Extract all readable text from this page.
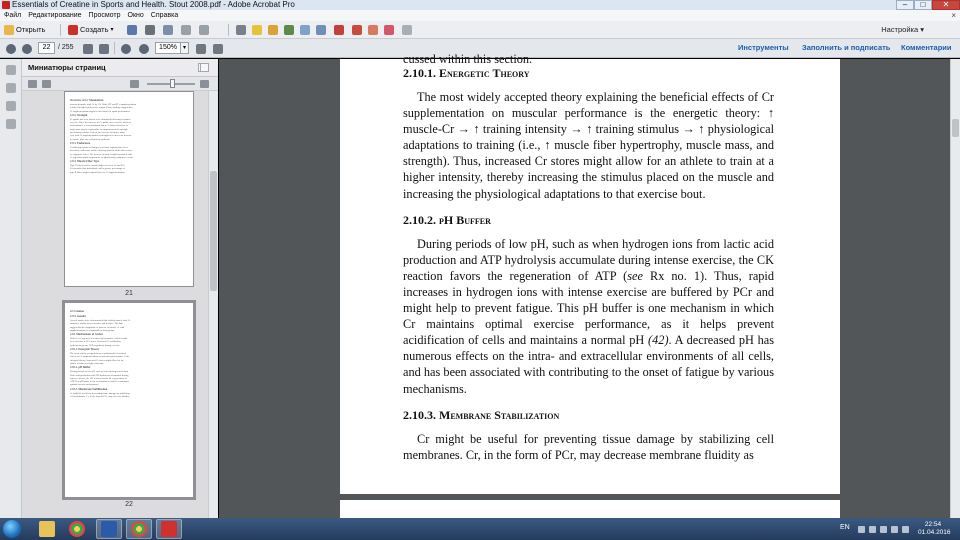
Essentials of Creatine in Sports and Health. Stout 2008.pdf - Adobe Acrobat Pro	–	□	✕
Файл	Редактирование	Просмотр	Окно	Справка	×
Открыть	Создать ▾	Настройка ▾
22	/ 255	150%	▾	Инструменты Заполнить и подписать Комментарии
Миниатюры страниц
Overview of Cr Metabolism
increased muscle total Cr by 5%. Both ATP and PCr supplementation
resulted in higher peak power output. These findings suggest that
Cr supplementation might be beneficial for sprint performance.
2.9.2. Strength
Cr uptake has been shown to be stimulated following resistance
exercise. Since the increase in Cr uptake after exercise has been
demonstrated, it was postulated that a Cr-induced increase in
body mass may be responsible for improvements in strength
and training volume. Indeed, the increase in fat-free mass
seen with Cr supplementation is thought to be due to an increase
in muscle fiber size and protein synthesis.
2.9.3. Endurance
Conflicting reports of changes in aerobic capacity have been
described, with some studies showing benefits while others show
no ergogenic effect. The increase in body weight associated with
Cr ingestion might compromise weight-bearing endurance events.
2.9.4. Muscle Fiber Type
Type II fibers tend to contain higher levels of Cr and PCr.
It is possible that individuals with a greater percentage of
type II fibers might respond better to Cr supplementation.
21
22 Creatine
2.9.5. Gender
Several studies have demonstrated that skeletal muscle total Cr
content is similar between males and females. The data
suggest that the magnitude of increase in muscle Cr with
supplementation is comparable in both groups.
2.10. Mechanisms of Action
When Cr is ingested, it is taken up by muscle, which results
in an increase in PCr stores. Increased Cr availability
could mean greater ATP resynthesis during exercise.
2.10.1. Energetic Theory
The most widely accepted theory explaining the beneficial
effects of Cr supplementation on muscular performance is the
energetic theory. Increased Cr stores might allow for an
athlete to train at a higher intensity.
2.10.2. pH Buffer
During periods of low pH, such as when hydrogen ions from
lactic acid production and ATP hydrolysis accumulate during
intense exercise, the CK reaction favors the regeneration of
ATP. This pH buffer is one mechanism in which Cr maintains
optimal exercise performance.
2.10.3. Membrane Stabilization
Cr might be useful for preventing tissue damage by stabilizing
cell membranes. Cr, in the form of PCr, may decrease fluidity.
22
cussed within this section.
2.10.1. Energetic Theory
The most widely accepted theory explaining the beneficial effects of Cr supplementation on muscular performance is the energetic theory: ↑ muscle-Cr → ↑ training intensity → ↑ training stimulus → ↑ physiological adaptations to training (i.e., ↑ muscle fiber hypertrophy, muscle mass, and strength). Thus, increased Cr stores might allow for an athlete to train at a higher intensity, thereby increasing the stimulus placed on the muscle and increasing the physiological adaptations to that exercise bout.
2.10.2. pH Buffer
During periods of low pH, such as when hydrogen ions from lactic acid production and ATP hydrolysis accumulate during intense exercise, the CK reaction favors the regeneration of ATP (see Rx no. 1). Thus, rapid increases in hydrogen ions with intense exercise are buffered by PCr and might help to prevent fatigue. This pH buffer is one mechanism in which Cr maintains optimal exercise performance, as it helps prevent acidification of cells and maintains a normal pH (42). A decreased pH has numerous effects on the intra- and extracellular environments of all cells, and has been associated with contributing to the onset of fatigue by various mechanisms.
2.10.3. Membrane Stabilization
Cr might be useful for preventing tissue damage by stabilizing cell membranes. Cr, in the form of PCr, may decrease membrane fluidity as
EN	22:54
01.04.2016
